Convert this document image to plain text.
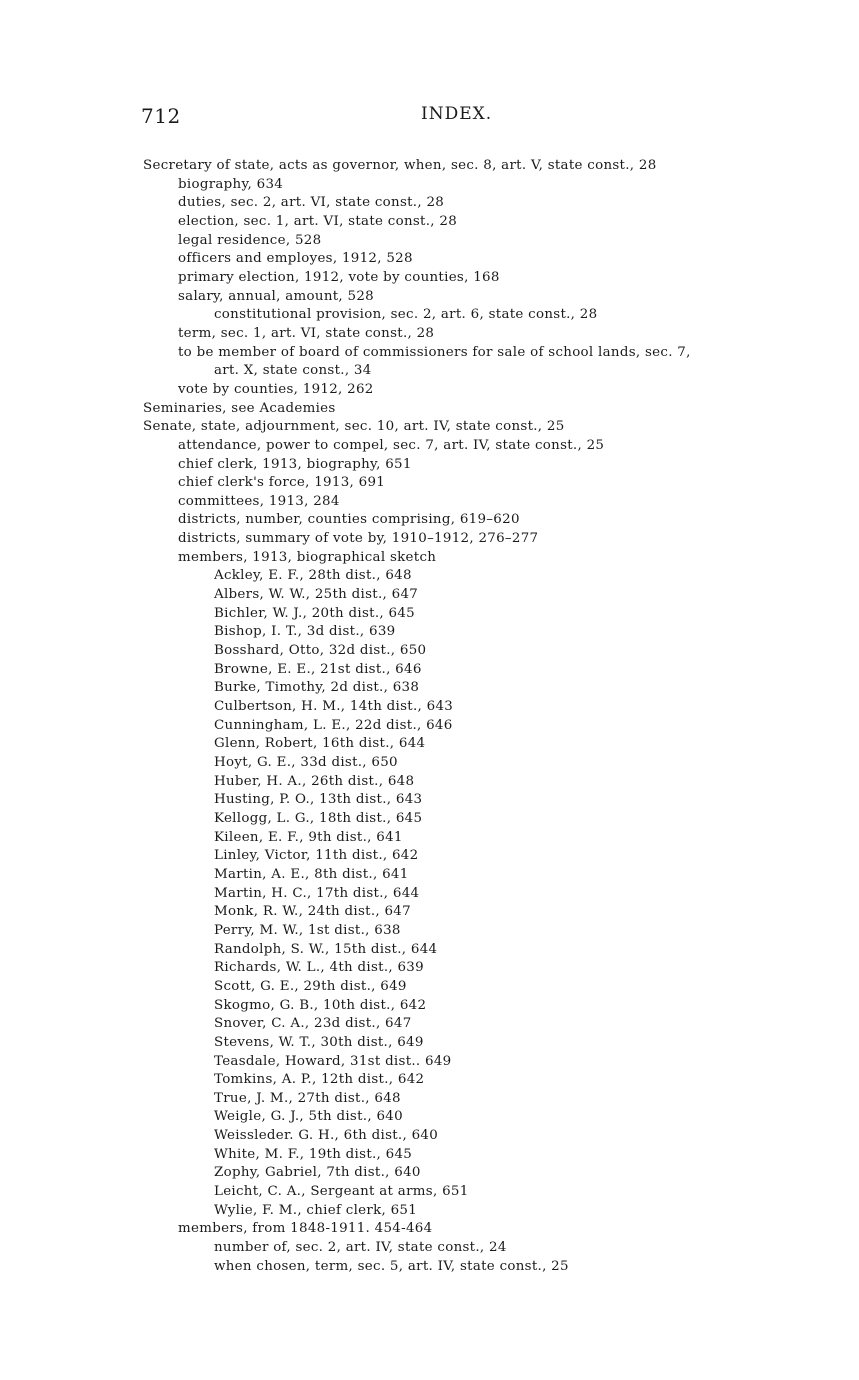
712	INDEX.
Secretary of state, acts as governor, when, sec. 8, art. V, state const., 28
biography, 634
duties, sec. 2, art. VI, state const., 28
election, sec. 1, art. VI, state const., 28
legal residence, 528
officers and employes, 1912, 528
primary election, 1912, vote by counties, 168
salary, annual, amount, 528
constitutional provision, sec. 2, art. 6, state const., 28
term, sec. 1, art. VI, state const., 28
to be member of board of commissioners for sale of school lands, sec. 7,
art. X, state const., 34
vote by counties, 1912, 262
Seminaries, see Academies
Senate, state, adjournment, sec. 10, art. IV, state const., 25
attendance, power to compel, sec. 7, art. IV, state const., 25
chief clerk, 1913, biography, 651
chief clerk's force, 1913, 691
committees, 1913, 284
districts, number, counties comprising, 619–620
districts, summary of vote by, 1910–1912, 276–277
members, 1913, biographical sketch
Ackley, E. F., 28th dist., 648
Albers, W. W., 25th dist., 647
Bichler, W. J., 20th dist., 645
Bishop, I. T., 3d dist., 639
Bosshard, Otto, 32d dist., 650
Browne, E. E., 21st dist., 646
Burke, Timothy, 2d dist., 638
Culbertson, H. M., 14th dist., 643
Cunningham, L. E., 22d dist., 646
Glenn, Robert, 16th dist., 644
Hoyt, G. E., 33d dist., 650
Huber, H. A., 26th dist., 648
Husting, P. O., 13th dist., 643
Kellogg, L. G., 18th dist., 645
Kileen, E. F., 9th dist., 641
Linley, Victor, 11th dist., 642
Martin, A. E., 8th dist., 641
Martin, H. C., 17th dist., 644
Monk, R. W., 24th dist., 647
Perry, M. W., 1st dist., 638
Randolph, S. W., 15th dist., 644
Richards, W. L., 4th dist., 639
Scott, G. E., 29th dist., 649
Skogmo, G. B., 10th dist., 642
Snover, C. A., 23d dist., 647
Stevens, W. T., 30th dist., 649
Teasdale, Howard, 31st dist.. 649
Tomkins, A. P., 12th dist., 642
True, J. M., 27th dist., 648
Weigle, G. J., 5th dist., 640
Weissleder. G. H., 6th dist., 640
White, M. F., 19th dist., 645
Zophy, Gabriel, 7th dist., 640
Leicht, C. A., Sergeant at arms, 651
Wylie, F. M., chief clerk, 651
members, from 1848-1911. 454-464
number of, sec. 2, art. IV, state const., 24
when chosen, term, sec. 5, art. IV, state const., 25
